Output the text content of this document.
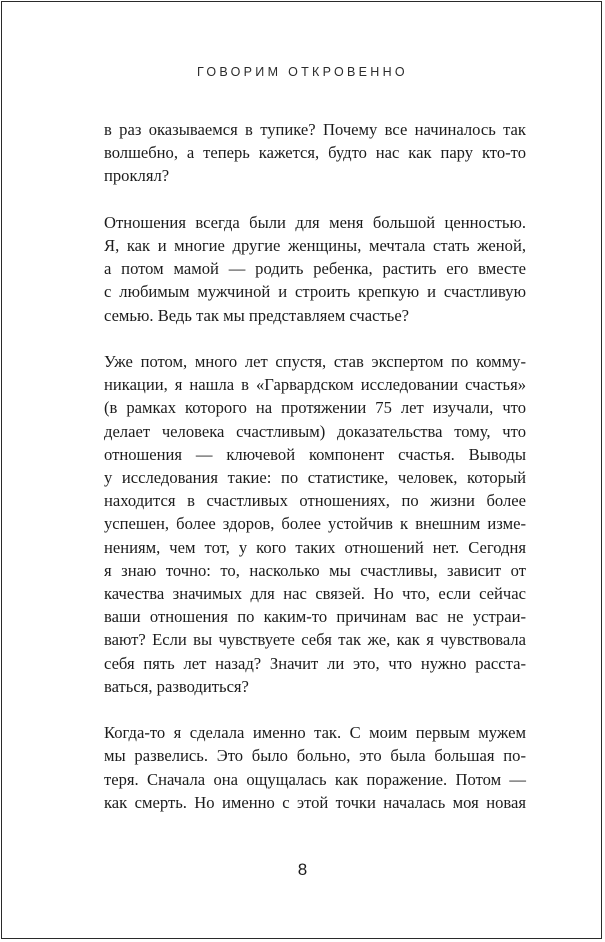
ГОВОРИМ ОТКРОВЕННО

в раз оказываемся в тупике? Почему все начиналось так
волшебно, а теперь кажется, будто нас как пару кто-то
проклял?

Отношения всегда были для меня большой ценностью.
Я, как и многие другие женщины, мечтала стать женой,
а потом мамой — родить ребенка, растить его вместе
с любимым мужчиной и строить крепкую и счастливую
семью. Ведь так мы представляем счастье?

Уже потом, много лет спустя, став экспертом по комму-
никации, я нашла в «Гарвардском исследовании счастья»
(в рамках которого на протяжении 75 лет изучали, что
делает человека счастливым) доказательства тому, что
отношения — ключевой компонент счастья. Выводы
у исследования такие: по статистике, человек, который
находится в счастливых отношениях, по жизни более
успешен, более здоров, более устойчив к внешним изме-
нениям, чем тот, у кого таких отношений нет. Сегодня
я знаю точно: то, насколько мы счастливы, зависит от
качества значимых для нас связей. Но что, если сейчас
ваши отношения по каким-то причинам вас не устраи-
вают? Если вы чувствуете себя так же, как я чувствовала
себя пять лет назад? Значит ли это, что нужно расста-
ваться, разводиться?

Когда-то я сделала именно так. С моим первым мужем
мы развелись. Это было больно, это была большая по-
теря. Сначала она ощущалась как поражение. Потом —
как смерть. Но именно с этой точки началась моя новая

8
